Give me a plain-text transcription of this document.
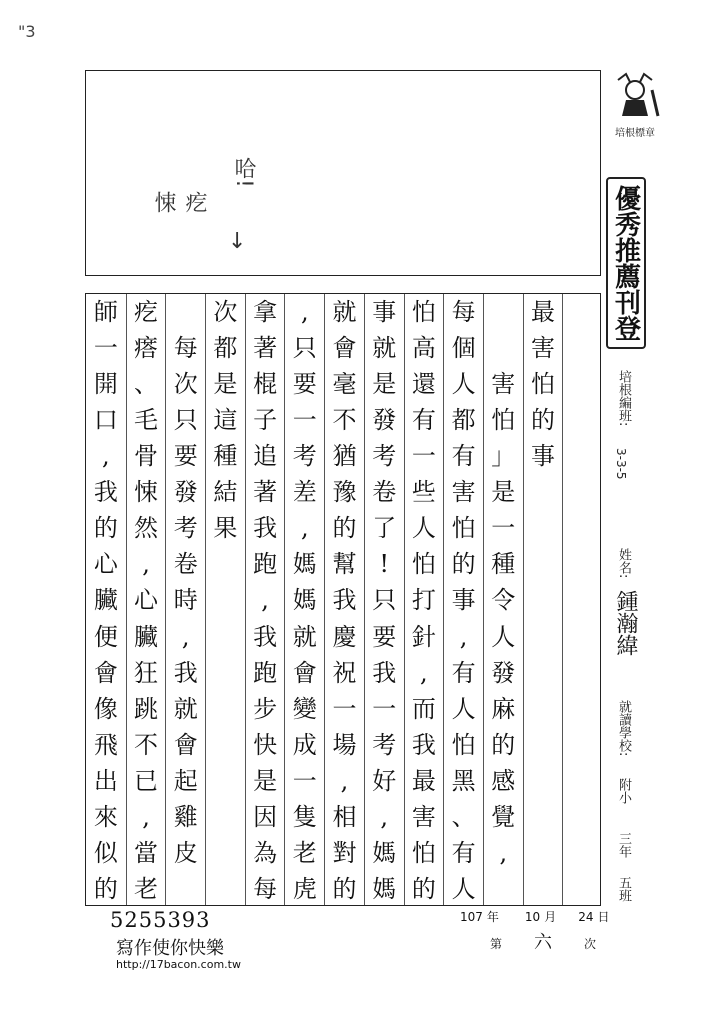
"3
培根標章
哈!
疙
悚
↓	優秀推薦刊登
培根編班:
3-3-5
姓名:
鍾瀚緯
就讀學校:
附小
三年
五班
最
害
怕
的
事
害
怕
」
是
一
種
令
人
發
麻
的
感
覺
,
每
個
人
都
有
害
怕
的
事
,
有
人
怕
黑
、
有
人
怕
高
還
有
一
些
人
怕
打
針
,
而
我
最
害
怕
的
事
就
是
發
考
卷
了
!
只
要
我
一
考
好
,
媽
媽
就
會
毫
不
猶
豫
的
幫
我
慶
祝
一
場
,
相
對
的
,
只
要
一
考
差
,
媽
媽
就
會
變
成
一
隻
老
虎
拿
著
棍
子
追
著
我
跑
,
我
跑
步
快
是
因
為
每
次
都
是
這
種
結
果
每
次
只
要
發
考
卷
時
,
我
就
會
起
雞
皮
疙
瘩
、
毛
骨
悚
然
,
心
臟
狂
跳
不
已
,
當
老
師
一
開
口
,
我
的
心
臟
便
會
像
飛
出
來
似
的
5255393
寫作使你快樂
http://17bacon.com.tw
107 年 10 月 24 日
第 六	次
